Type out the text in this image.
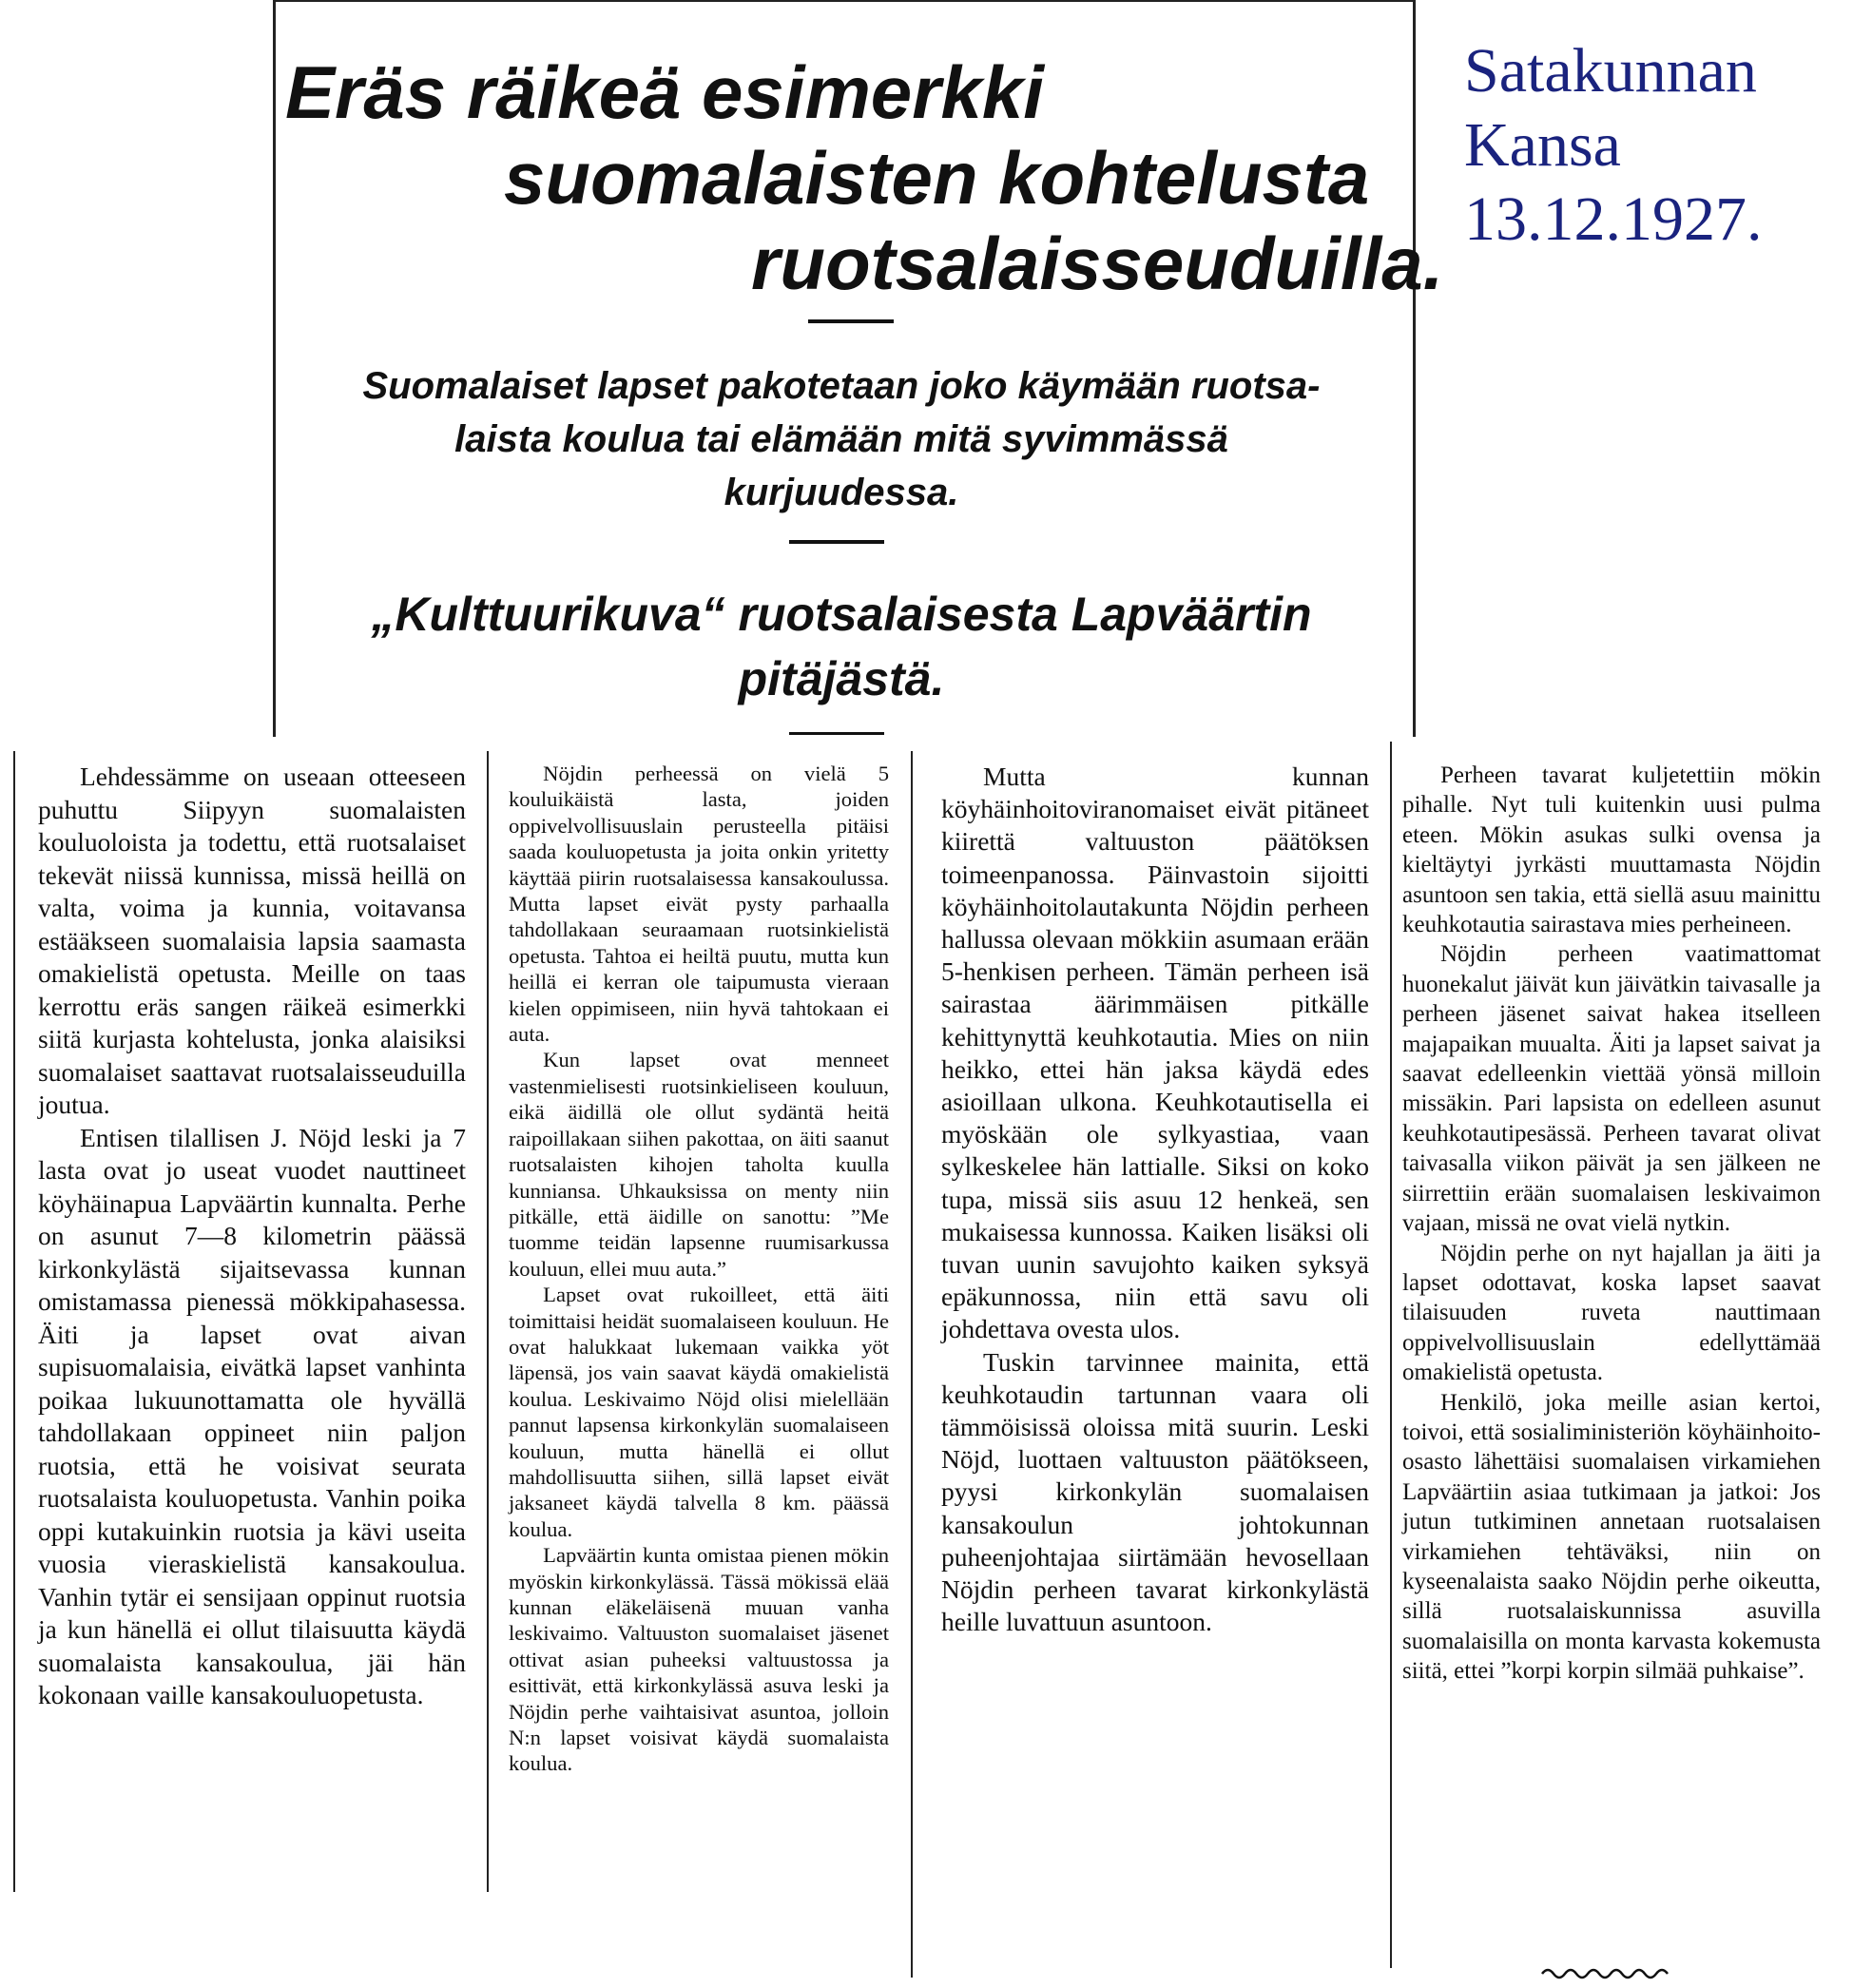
Eräs räikeä esimerkki
suomalaisten kohtelusta
ruotsalaisseuduilla.
Suomalaiset lapset pakotetaan joko käymään ruotsa-
laista koulua tai elämään mitä syvimmässä
kurjuudessa.
„Kulttuurikuva“ ruotsalaisesta Lapväärtin
pitäjästä.
Satakunnan
Kansa
13.12.1927.

Lehdessämme on useaan otteeseen puhuttu Siipyyn suomalaisten kouluoloista ja todettu, että ruotsalaiset tekevät niissä kunnissa, missä heillä on valta, voima ja kunnia, voitavansa estääkseen suomalaisia lapsia saamasta omakielistä opetusta. Meille on taas kerrottu eräs sangen räikeä esimerkki siitä kurjasta kohtelusta, jonka alaisiksi suomalaiset saattavat ruotsalaisseuduilla joutua.

Entisen tilallisen J. Nöjd leski ja 7 lasta ovat jo useat vuodet nauttineet köyhäinapua Lapväärtin kunnalta. Perhe on asunut 7—8 kilometrin päässä kirkonkylästä sijaitsevassa kunnan omistamassa pienessä mökkipahasessa. Äiti ja lapset ovat aivan supisuomalaisia, eivätkä lapset vanhinta poikaa lukuunottamatta ole hyvällä tahdollakaan oppineet niin paljon ruotsia, että he voisivat seurata ruotsalaista kouluopetusta. Vanhin poika oppi kutakuinkin ruotsia ja kävi useita vuosia vieraskielistä kansakoulua. Vanhin tytär ei sensijaan oppinut ruotsia ja kun hänellä ei ollut tilaisuutta käydä suomalaista kansakoulua, jäi hän kokonaan vaille kansakouluopetusta.

Nöjdin perheessä on vielä 5 kouluikäistä lasta, joiden oppivelvollisuuslain perusteella pitäisi saada kouluopetusta ja joita onkin yritetty käyttää piirin ruotsalaisessa kansakoulussa. Mutta lapset eivät pysty parhaalla tahdollakaan seuraamaan ruotsinkielistä opetusta. Tahtoa ei heiltä puutu, mutta kun heillä ei kerran ole taipumusta vieraan kielen oppimiseen, niin hyvä tahtokaan ei auta.

Kun lapset ovat menneet vastenmielisesti ruotsinkieliseen kouluun, eikä äidillä ole ollut sydäntä heitä raipoillakaan siihen pakottaa, on äiti saanut ruotsalaisten kihojen taholta kuulla kunniansa. Uhkauksissa on menty niin pitkälle, että äidille on sanottu: ”Me tuomme teidän lapsenne ruumisarkussa kouluun, ellei muu auta.”

Lapset ovat rukoilleet, että äiti toimittaisi heidät suomalaiseen kouluun. He ovat halukkaat lukemaan vaikka yöt läpensä, jos vain saavat käydä omakielistä koulua. Leskivaimo Nöjd olisi mielellään pannut lapsensa kirkonkylän suomalaiseen kouluun, mutta hänellä ei ollut mahdollisuutta siihen, sillä lapset eivät jaksaneet käydä talvella 8 km. päässä koulua.

Lapväärtin kunta omistaa pienen mökin myöskin kirkonkylässä. Tässä mökissä elää kunnan eläkeläisenä muuan vanha leskivaimo. Valtuuston suomalaiset jäsenet ottivat asian puheeksi valtuustossa ja esittivät, että kirkonkylässä asuva leski ja Nöjdin perhe vaihtaisivat asuntoa, jolloin N:n lapset voisivat käydä suomalaista koulua.

Mutta kunnan köyhäinhoitoviranomaiset eivät pitäneet kiirettä valtuuston päätöksen toimeenpanossa. Päinvastoin sijoitti köyhäinhoitolautakunta Nöjdin perheen hallussa olevaan mökkiin asumaan erään 5-henkisen perheen. Tämän perheen isä sairastaa äärimmäisen pitkälle kehittynyttä keuhkotautia. Mies on niin heikko, ettei hän jaksa käydä edes asioillaan ulkona. Keuhkotautisella ei myöskään ole sylkyastiaa, vaan sylkeskelee hän lattialle. Siksi on koko tupa, missä siis asuu 12 henkeä, sen mukaisessa kunnossa. Kaiken lisäksi oli tuvan uunin savujohto kaiken syksyä epäkunnossa, niin että savu oli johdettava ovesta ulos.

Tuskin tarvinnee mainita, että keuhkotaudin tartunnan vaara oli tämmöisissä oloissa mitä suurin. Leski Nöjd, luottaen valtuuston päätökseen, pyysi kirkonkylän suomalaisen kansakoulun johtokunnan puheenjohtajaa siirtämään hevosellaan Nöjdin perheen tavarat kirkonkylästä heille luvattuun asuntoon.

Perheen tavarat kuljetettiin mökin pihalle. Nyt tuli kuitenkin uusi pulma eteen. Mökin asukas sulki ovensa ja kieltäytyi jyrkästi muuttamasta Nöjdin asuntoon sen takia, että siellä asuu mainittu keuhkotautia sairastava mies perheineen.

Nöjdin perheen vaatimattomat huonekalut jäivät kun jäivätkin taivasalle ja perheen jäsenet saivat hakea itselleen majapaikan muualta. Äiti ja lapset saivat ja saavat edelleenkin viettää yönsä milloin missäkin. Pari lapsista on edelleen asunut keuhkotautipesässä. Perheen tavarat olivat taivasalla viikon päivät ja sen jälkeen ne siirrettiin erään suomalaisen leskivaimon vajaan, missä ne ovat vielä nytkin.

Nöjdin perhe on nyt hajallan ja äiti ja lapset odottavat, koska lapset saavat tilaisuuden ruveta nauttimaan oppivelvollisuuslain edellyttämää omakielistä opetusta.

Henkilö, joka meille asian kertoi, toivoi, että sosialiministeriön köyhäinhoito-osasto lähettäisi suomalaisen virkamiehen Lapväärtiin asiaa tutkimaan ja jatkoi: Jos jutun tutkiminen annetaan ruotsalaisen virkamiehen tehtäväksi, niin on kyseenalaista saako Nöjdin perhe oikeutta, sillä ruotsalaiskunnissa asuvilla suomalaisilla on monta karvasta kokemusta siitä, ettei ”korpi korpin silmää puhkaise”.
